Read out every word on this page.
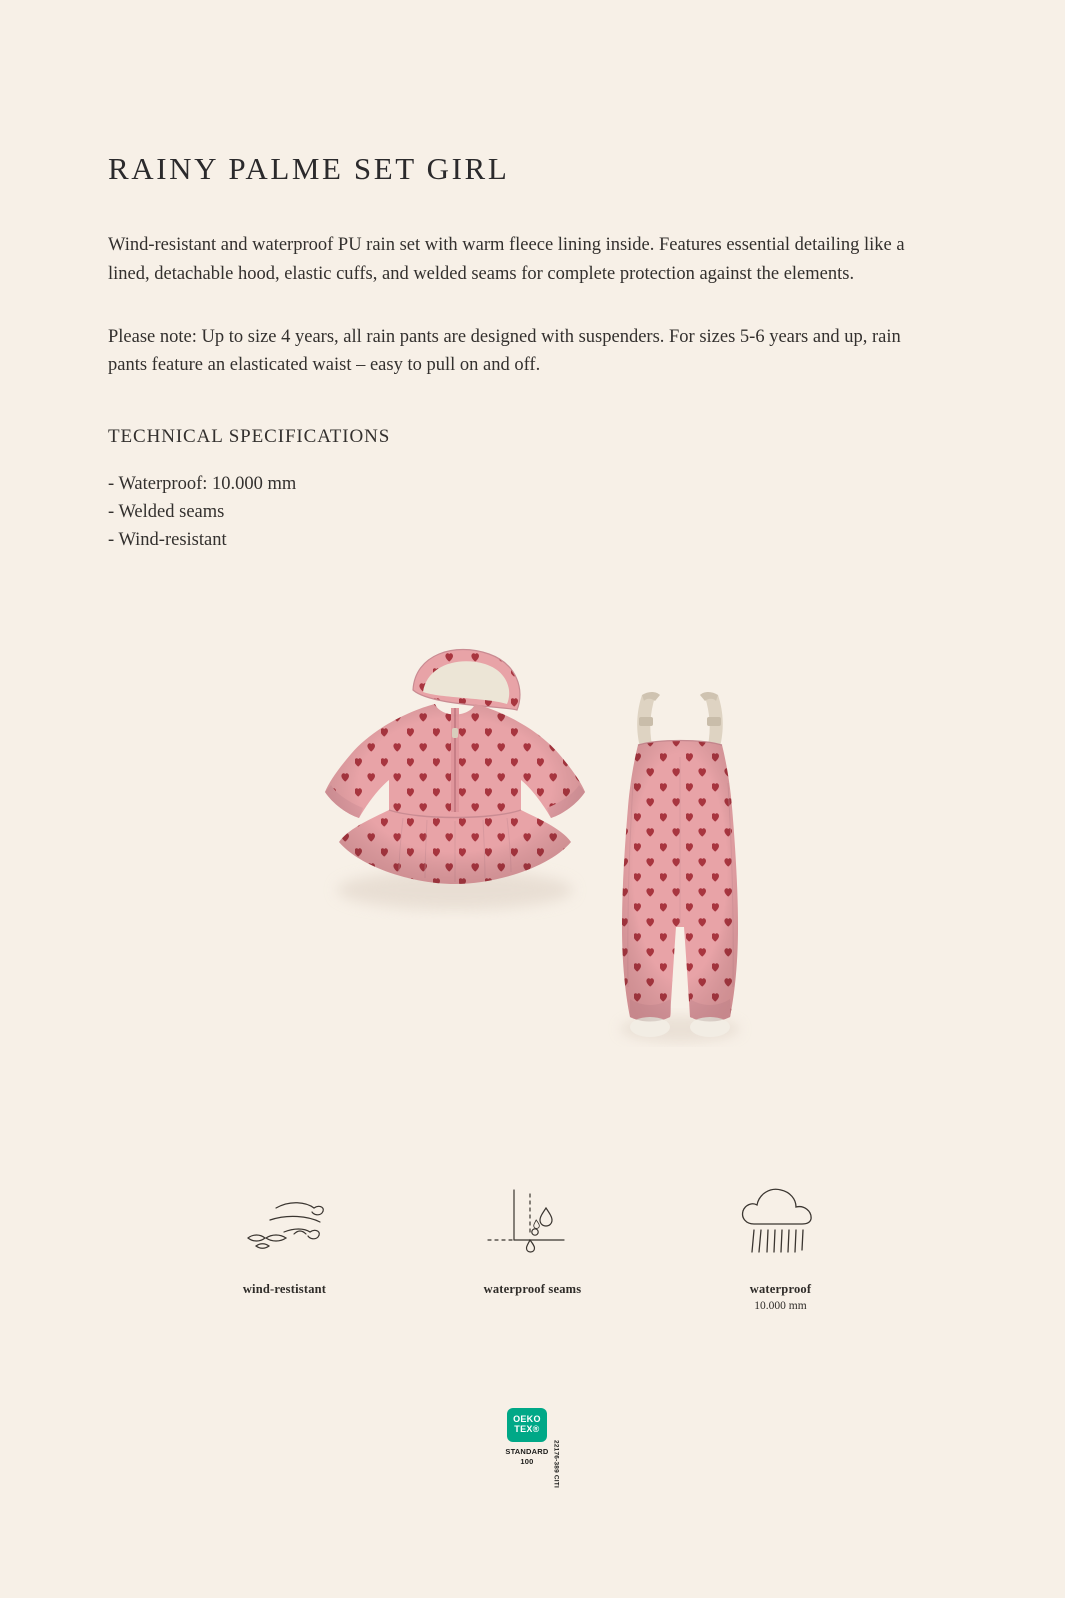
RAINY PALME SET GIRL

Wind-resistant and waterproof PU rain set with warm fleece lining inside. Features essential detailing like a lined, detachable hood, elastic cuffs, and welded seams for complete protection against the elements.

Please note: Up to size 4 years, all rain pants are designed with suspenders. For sizes 5-6 years and up, rain pants feature an elasticated waist – easy to pull on and off.

TECHNICAL SPECIFICATIONS
- Waterproof: 10.000 mm
- Welded seams
- Wind-resistant
wind-restistant	waterproof seams	waterproof
10.000 mm
OEKO
TEX®
STANDARD
100	22176-389 CITI
